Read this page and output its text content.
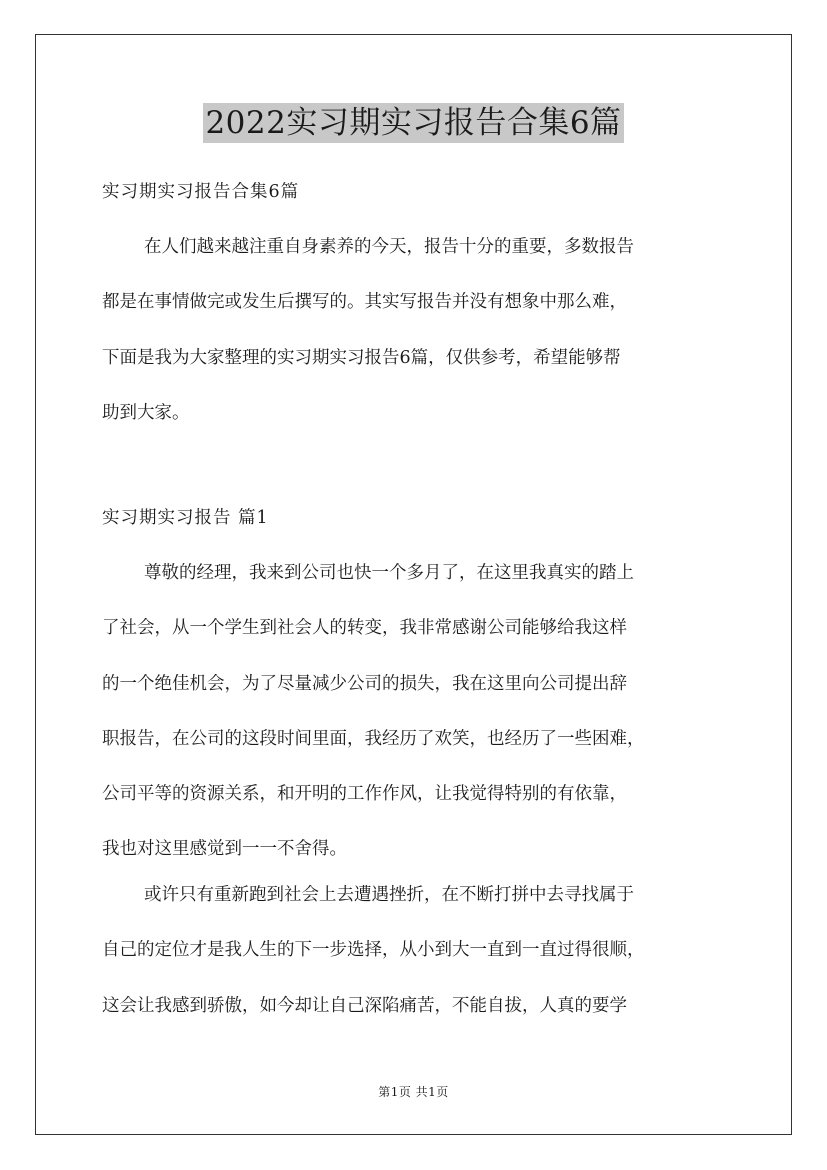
2022实习期实习报告合集6篇
实习期实习报告合集6篇
在人们越来越注重自身素养的今天，报告十分的重要，多数报告
都是在事情做完或发生后撰写的。其实写报告并没有想象中那么难，
下面是我为大家整理的实习期实习报告6篇，仅供参考，希望能够帮
助到大家。
实习期实习报告 篇1
尊敬的经理，我来到公司也快一个多月了，在这里我真实的踏上
了社会，从一个学生到社会人的转变，我非常感谢公司能够给我这样
的一个绝佳机会，为了尽量减少公司的损失，我在这里向公司提出辞
职报告，在公司的这段时间里面，我经历了欢笑，也经历了一些困难，
公司平等的资源关系，和开明的工作作风，让我觉得特别的有依靠，
我也对这里感觉到一一不舍得。
或许只有重新跑到社会上去遭遇挫折，在不断打拼中去寻找属于
自己的定位才是我人生的下一步选择，从小到大一直到一直过得很顺，
这会让我感到骄傲，如今却让自己深陷痛苦，不能自拔，人真的要学
第1页 共1页
